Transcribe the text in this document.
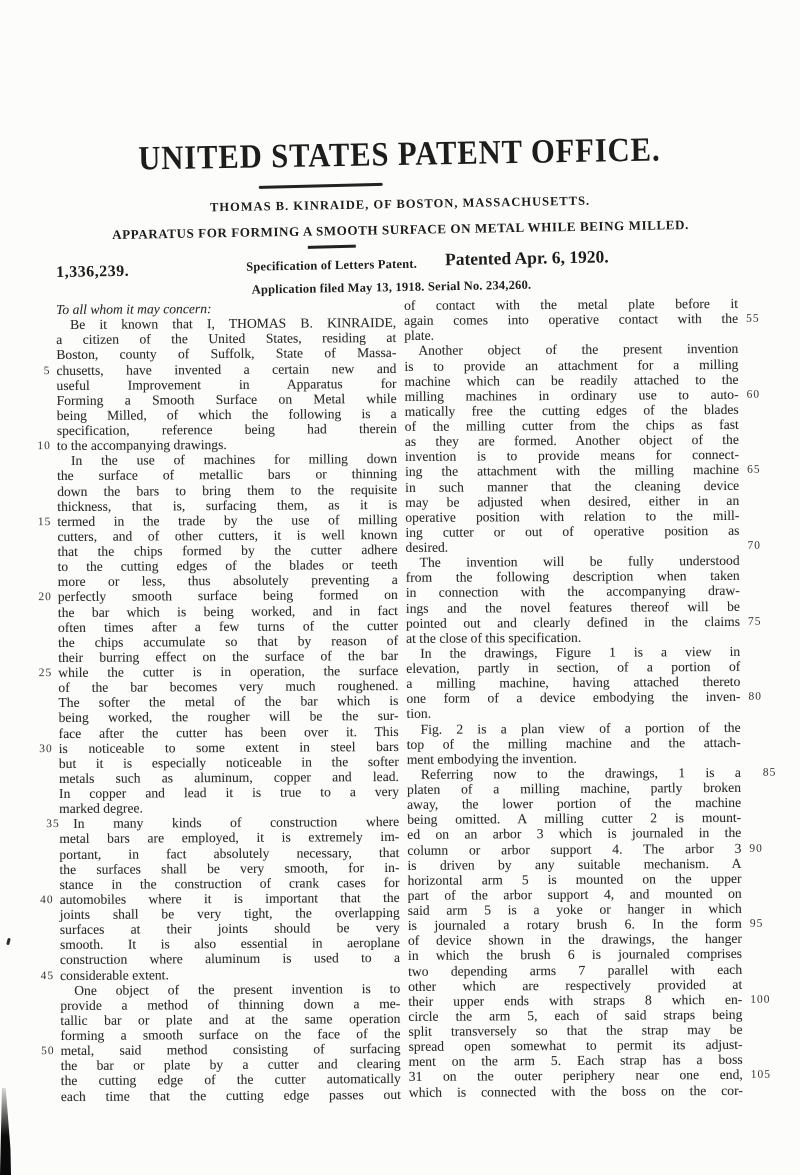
UNITED STATES PATENT OFFICE.
THOMAS B. KINRAIDE, OF BOSTON, MASSACHUSETTS.
APPARATUS FOR FORMING A SMOOTH SURFACE ON METAL WHILE BEING MILLED.
1,336,239.	Specification of Letters Patent. Patented Apr. 6, 1920.
Application filed May 13, 1918. Serial No. 234,260.
To all whom it may concern:
Be it known that I, THOMAS B. KINRAIDE,
a citizen of the United States, residing at
Boston, county of Suffolk, State of Massa-
5 chusetts, have invented a certain new and
useful Improvement in Apparatus for
Forming a Smooth Surface on Metal while
being Milled, of which the following is a
specification, reference being had therein
10 to the accompanying drawings.
In the use of machines for milling down
the surface of metallic bars or thinning
down the bars to bring them to the requisite
thickness, that is, surfacing them, as it is
15 termed in the trade by the use of milling
cutters, and of other cutters, it is well known
that the chips formed by the cutter adhere
to the cutting edges of the blades or teeth
more or less, thus absolutely preventing a
20 perfectly smooth surface being formed on
the bar which is being worked, and in fact
often times after a few turns of the cutter
the chips accumulate so that by reason of
their burring effect on the surface of the bar
25 while the cutter is in operation, the surface
of the bar becomes very much roughened.
The softer the metal of the bar which is
being worked, the rougher will be the sur-
face after the cutter has been over it. This
30 is noticeable to some extent in steel bars
but it is especially noticeable in the softer
metals such as aluminum, copper and lead.
In copper and lead it is true to a very
marked degree.
35 In many kinds of construction where
metal bars are employed, it is extremely im-
portant, in fact absolutely necessary, that
the surfaces shall be very smooth, for in-
stance in the construction of crank cases for
40 automobiles where it is important that the
joints shall be very tight, the overlapping
surfaces at their joints should be very
smooth. It is also essential in aeroplane
construction where aluminum is used to a
45 considerable extent.
One object of the present invention is to
provide a method of thinning down a me-
tallic bar or plate and at the same operation
forming a smooth surface on the face of the
50 metal, said method consisting of surfacing
the bar or plate by a cutter and clearing
the cutting edge of the cutter automatically
each time that the cutting edge passes out
of contact with the metal plate before it
55
again comes into operative contact with the
plate.
Another object of the present invention
is to provide an attachment for a milling
machine which can be readily attached to the
60
milling machines in ordinary use to auto-
matically free the cutting edges of the blades
of the milling cutter from the chips as fast
as they are formed. Another object of the
invention is to provide means for connect-
65
ing the attachment with the milling machine
in such manner that the cleaning device
may be adjusted when desired, either in an
operative position with relation to the mill-
ing cutter or out of operative position as
70
desired.
The invention will be fully understood
from the following description when taken
in connection with the accompanying draw-
ings and the novel features thereof will be
75
pointed out and clearly defined in the claims
at the close of this specification.
In the drawings, Figure 1 is a view in
elevation, partly in section, of a portion of
a milling machine, having attached thereto
80
one form of a device embodying the inven-
tion.
Fig. 2 is a plan view of a portion of the
top of the milling machine and the attach-
ment embodying the invention.
85
Referring now to the drawings, 1 is a
platen of a milling machine, partly broken
away, the lower portion of the machine
being omitted. A milling cutter 2 is mount-
ed on an arbor 3 which is journaled in the
90
column or arbor support 4. The arbor 3
is driven by any suitable mechanism. A
horizontal arm 5 is mounted on the upper
part of the arbor support 4, and mounted on
said arm 5 is a yoke or hanger in which
95
is journaled a rotary brush 6. In the form
of device shown in the drawings, the hanger
in which the brush 6 is journaled comprises
two depending arms 7 parallel with each
other which are respectively provided at
100
their upper ends with straps 8 which en-
circle the arm 5, each of said straps being
split transversely so that the strap may be
spread open somewhat to permit its adjust-
ment on the arm 5. Each strap has a boss
105
31 on the outer periphery near one end,
which is connected with the boss on the cor-
